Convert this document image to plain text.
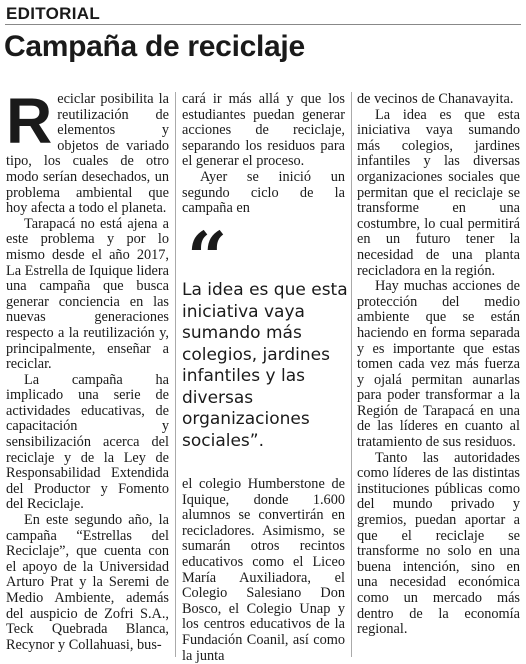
EDITORIAL
Campaña de reciclaje

Reciclar posibilita la reutilización de elementos y objetos de variado tipo, los cuales de otro modo serían desechados, un problema ambiental que hoy afecta a todo el planeta.

Tarapacá no está ajena a este problema y por lo mismo desde el año 2017, La Estrella de Iquique lidera una campaña que busca generar conciencia en las nuevas generaciones respecto a la reutilización y, principalmente, enseñar a reciclar.

La campaña ha implicado una serie de actividades educativas, de capacitación y sensibilización acerca del reciclaje y de la Ley de Responsabilidad Extendida del Productor y Fomento del Reciclaje.

En este segundo año, la campaña “Estrellas del Reciclaje”, que cuenta con el apoyo de la Universidad Arturo Prat y la Seremi de Medio Ambiente, además del auspicio de Zofri S.A., Teck Quebrada Blanca, Recynor y Collahuasi, bus-

cará ir más allá y que los estudiantes puedan generar acciones de reciclaje, separando los residuos para el generar el proceso.

Ayer se inició un segundo ciclo de la campaña en

“
La idea es que esta iniciativa vaya sumando más colegios, jardines infantiles y las diversas organizaciones sociales”.

el colegio Humberstone de Iquique, donde 1.600 alumnos se convertirán en recicladores. Asimismo, se sumarán otros recintos educativos como el Liceo María Auxiliadora, el Colegio Salesiano Don Bosco, el Colegio Unap y los centros educativos de la Fundación Coanil, así como la junta

de vecinos de Chanavayita.

La idea es que esta iniciativa vaya sumando más colegios, jardines infantiles y las diversas organizaciones sociales que permitan que el reciclaje se transforme en una costumbre, lo cual permitirá en un futuro tener la necesidad de una planta recicladora en la región.

Hay muchas acciones de protección del medio ambiente que se están haciendo en forma separada y es importante que estas tomen cada vez más fuerza y ojalá permitan aunarlas para poder transformar a la Región de Tarapacá en una de las líderes en cuanto al tratamiento de sus residuos.

Tanto las autoridades como líderes de las distintas instituciones públicas como del mundo privado y gremios, puedan aportar a que el reciclaje se transforme no solo en una buena intención, sino en una necesidad económica como un mercado más dentro de la economía regional.
